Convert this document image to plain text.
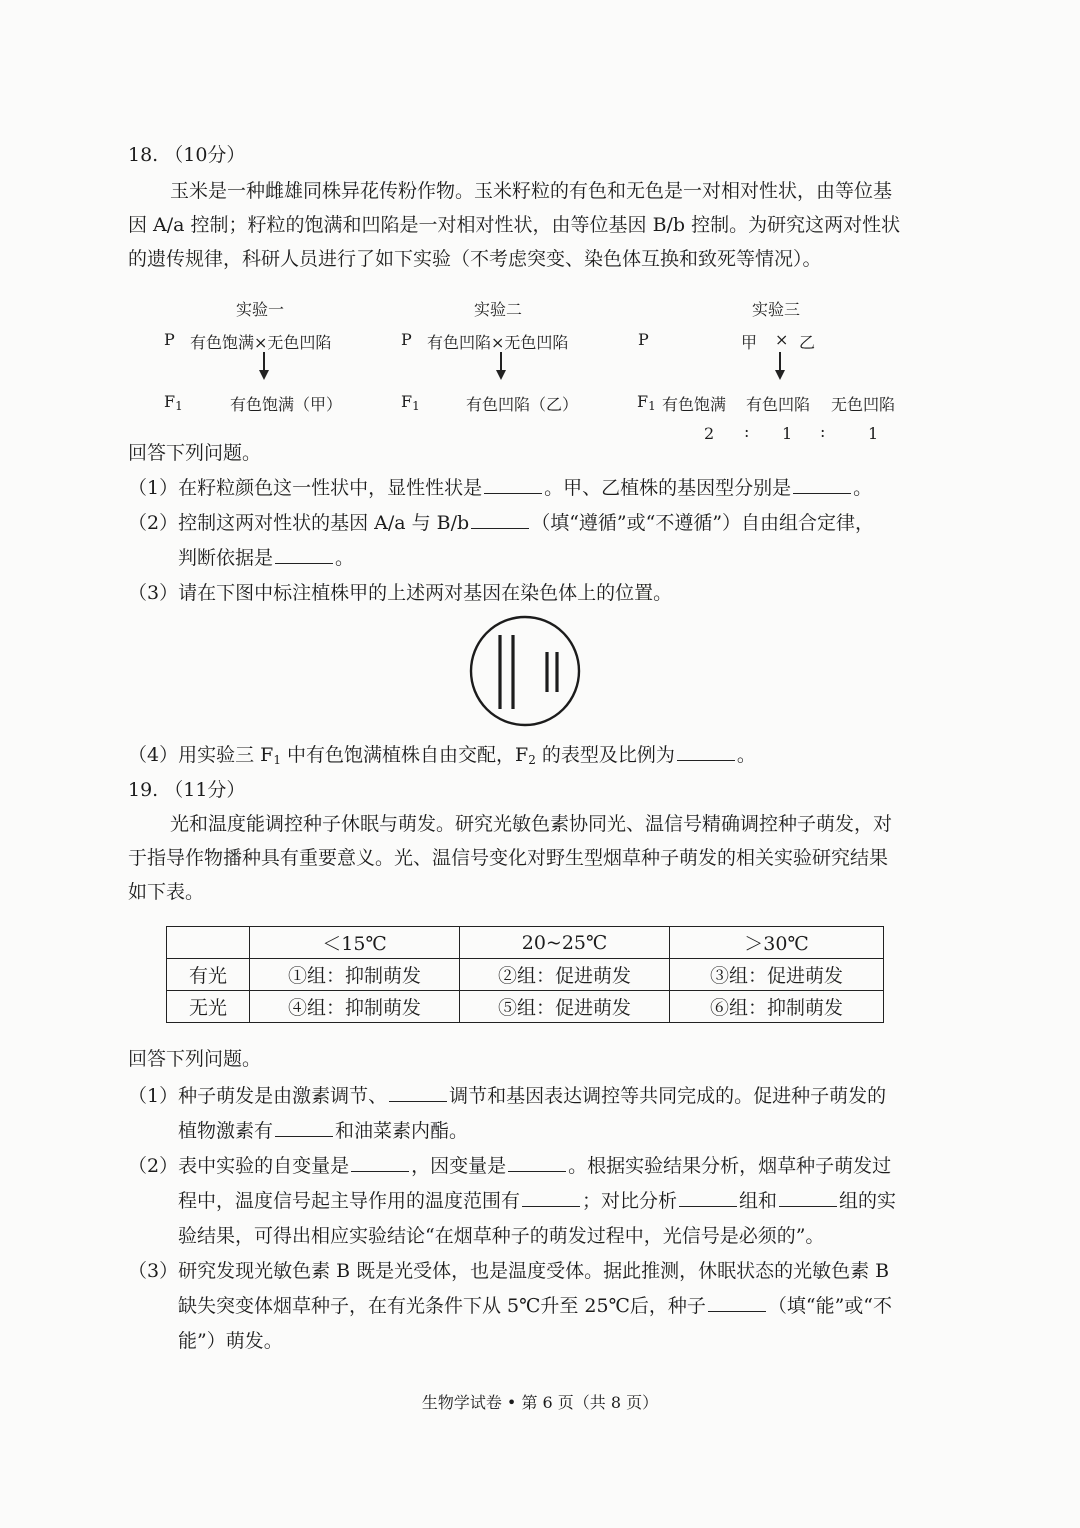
18. （10分）
玉米是一种雌雄同株异花传粉作物。玉米籽粒的有色和无色是一对相对性状，由等位基
因 A/a 控制；籽粒的饱满和凹陷是一对相对性状，由等位基因 B/b 控制。为研究这两对性状
的遗传规律，科研人员进行了如下实验（不考虑突变、染色体互换和致死等情况）。
实验一
P 有色饱满×无色凹陷
$F_1$	有色饱满（甲）
实验二
P 有色凹陷×无色凹陷
$F_1$	有色凹陷（乙）
实验三
P	甲 × 乙
$F_1$ 有色饱满 有色凹陷 无色凹陷
2 : 1 :	1
回答下列问题。
（1）在籽粒颜色这一性状中，显性性状是	。甲、乙植株的基因型分别是	。
（2）控制这两对性状的基因 A/a 与 B/b	（填“遵循”或“不遵循”）自由组合定律，
判断依据是	。
（3）请在下图中标注植株甲的上述两对基因在染色体上的位置。
（4）用实验三 $F_1$ 中有色饱满植株自由交配，$F_2$ 的表型及比例为	。
19. （11分）
光和温度能调控种子休眠与萌发。研究光敏色素协同光、温信号精确调控种子萌发，对
于指导作物播种具有重要意义。光、温信号变化对野生型烟草种子萌发的相关实验研究结果
如下表。
	＜15℃	20~25℃	＞30℃
有光	①组：抑制萌发	②组：促进萌发	③组：促进萌发
无光	④组：抑制萌发	⑤组：促进萌发	⑥组：抑制萌发
回答下列问题。
（1）种子萌发是由激素调节、	调节和基因表达调控等共同完成的。促进种子萌发的
植物激素有	和油菜素内酯。
（2）表中实验的自变量是	，因变量是	。根据实验结果分析，烟草种子萌发过
程中，温度信号起主导作用的温度范围有	；对比分析	组和	组的实
验结果，可得出相应实验结论“在烟草种子的萌发过程中，光信号是必须的”。
（3）研究发现光敏色素 B 既是光受体，也是温度受体。据此推测，休眠状态的光敏色素 B
缺失突变体烟草种子，在有光条件下从 5℃升至 25℃后，种子	（填“能”或“不
能”）萌发。
生物学试卷 • 第 6 页（共 8 页）
